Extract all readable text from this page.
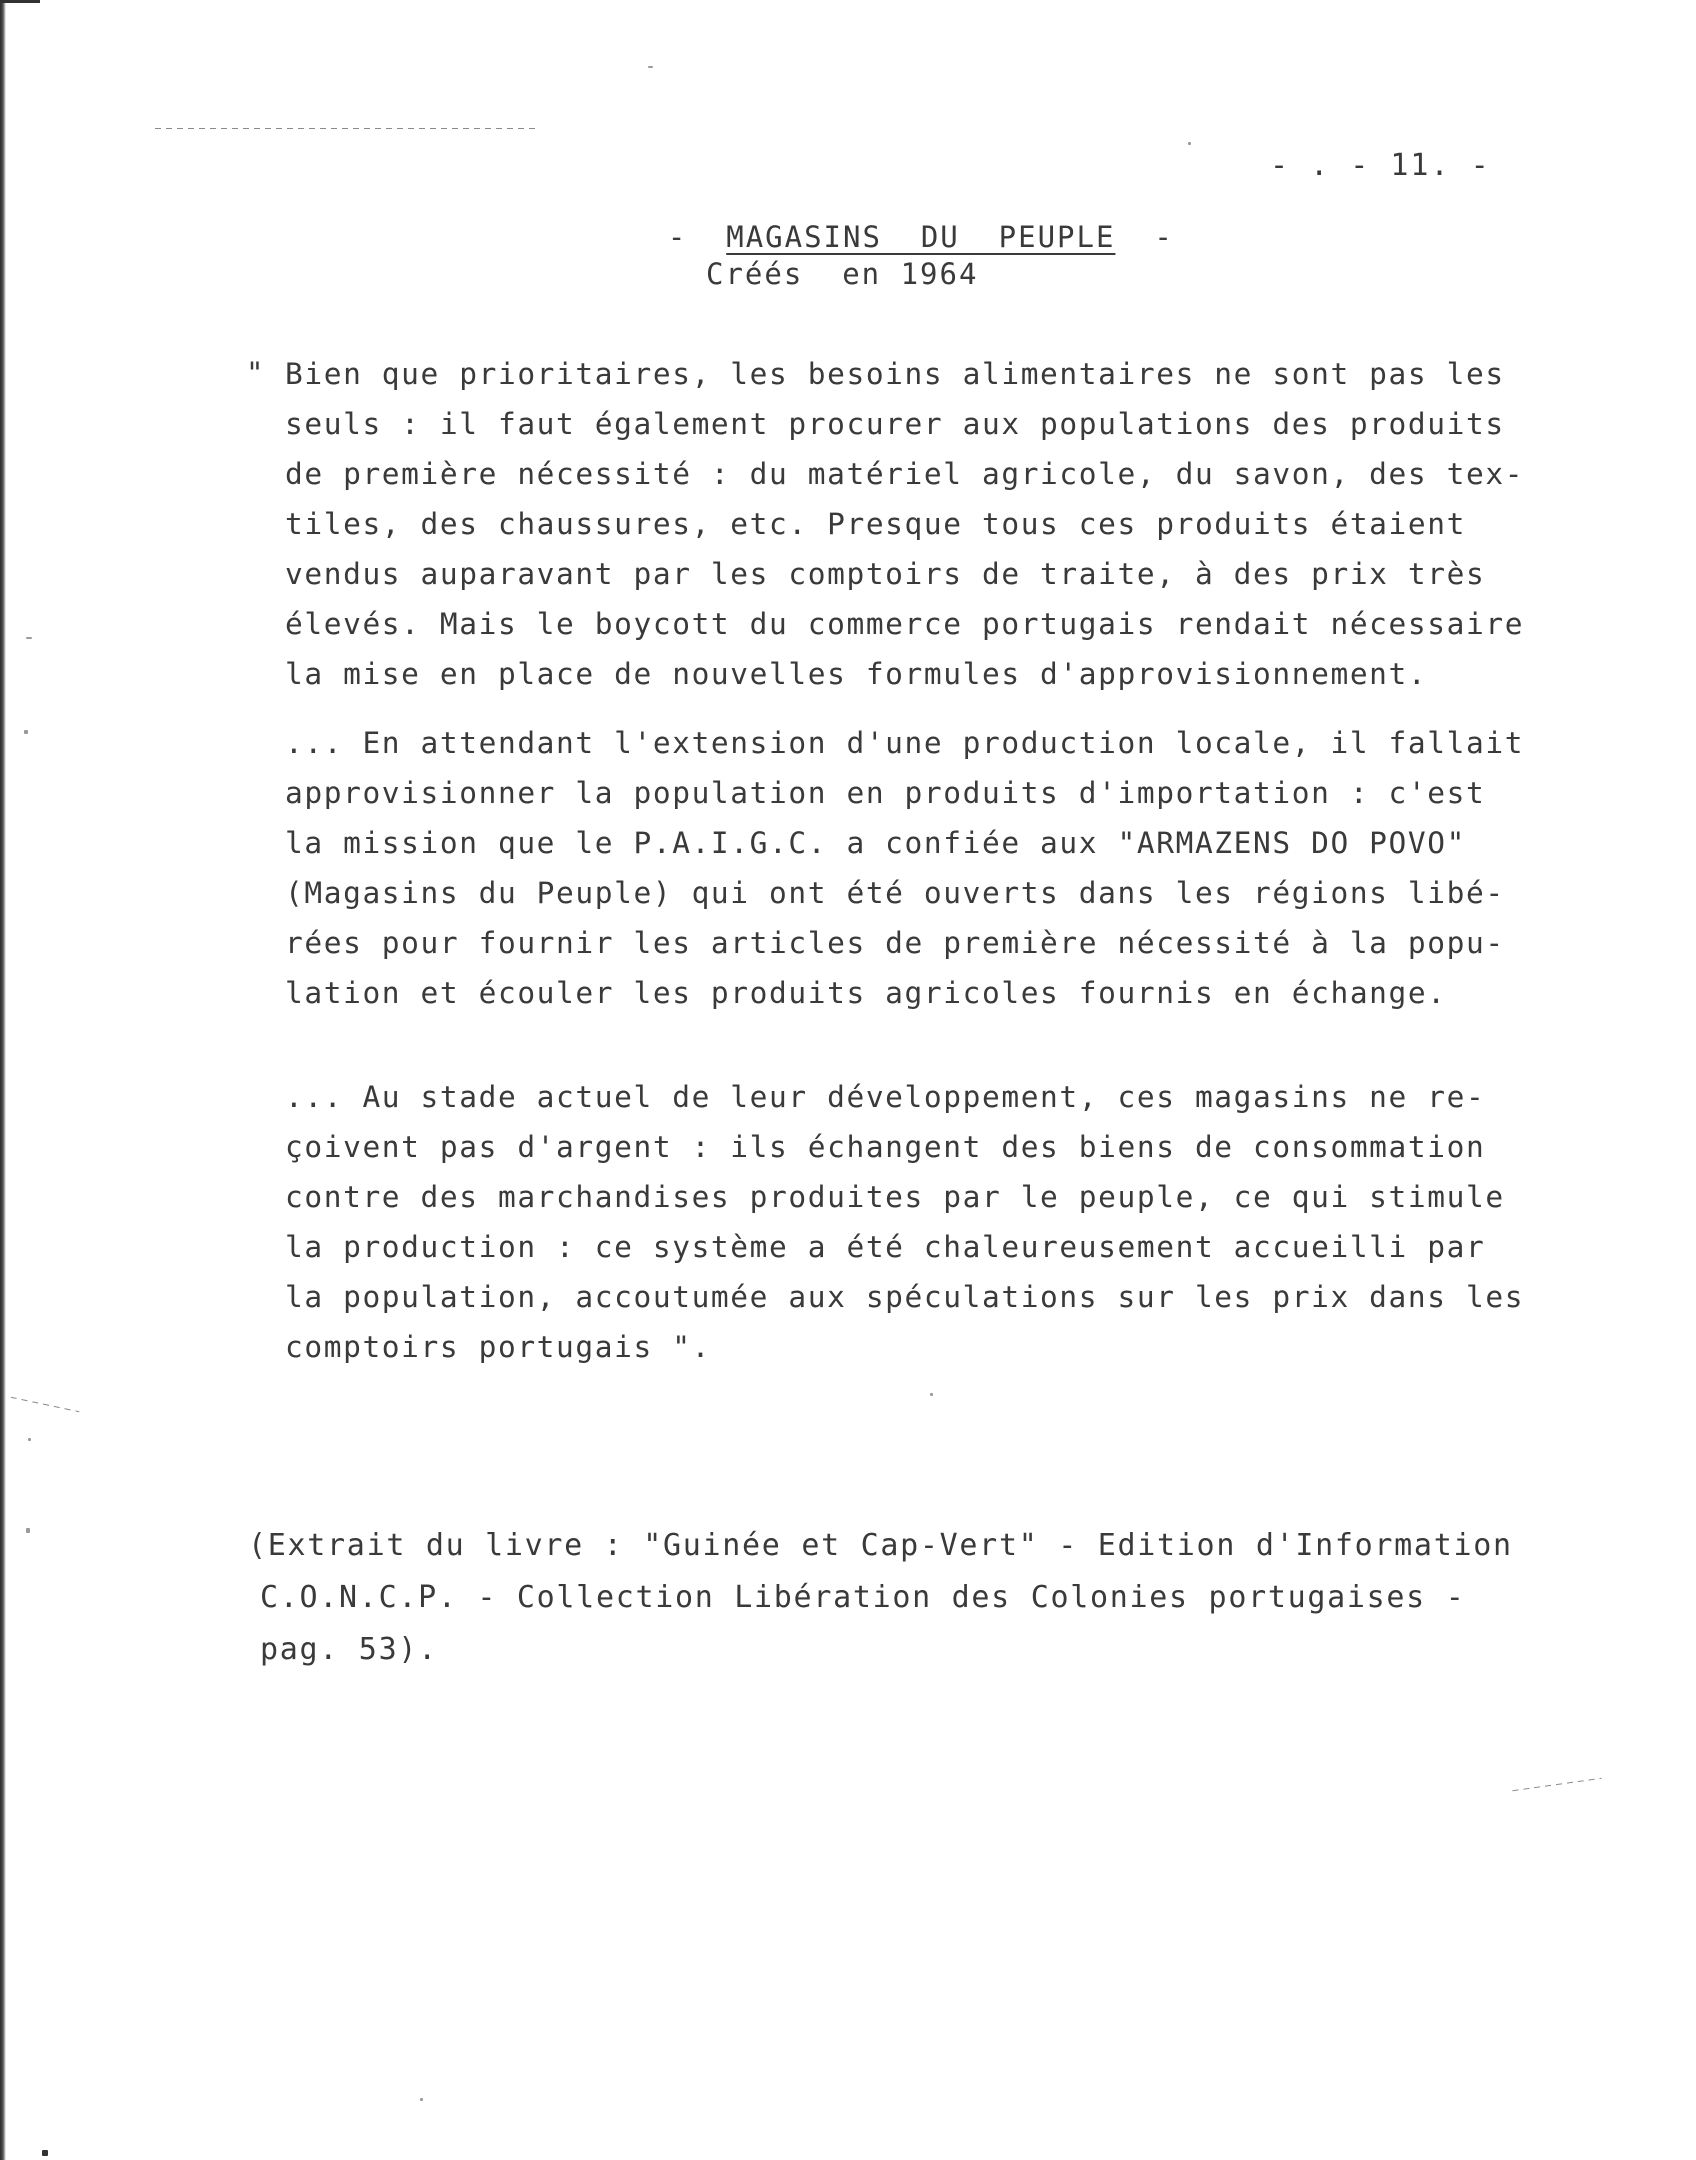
- . - 11. -

- MAGASINS  DU  PEUPLE -

Créés  en 1964
" Bien que prioritaires, les besoins alimentaires ne sont pas les
seuls : il faut également procurer aux populations des produits
de première nécessité : du matériel agricole, du savon, des tex-
tiles, des chaussures, etc. Presque tous ces produits étaient
vendus auparavant par les comptoirs de traite, à des prix très
élevés. Mais le boycott du commerce portugais rendait nécessaire
la mise en place de nouvelles formules d'approvisionnement.
... En attendant l'extension d'une production locale, il fallait
approvisionner la population en produits d'importation : c'est
la mission que le P.A.I.G.C. a confiée aux "ARMAZENS DO POVO"
(Magasins du Peuple) qui ont été ouverts dans les régions libé-
rées pour fournir les articles de première nécessité à la popu-
lation et écouler les produits agricoles fournis en échange.
... Au stade actuel de leur développement, ces magasins ne re-
çoivent pas d'argent : ils échangent des biens de consommation
contre des marchandises produites par le peuple, ce qui stimule
la production : ce système a été chaleureusement accueilli par
la population, accoutumée aux spéculations sur les prix dans les
comptoirs portugais ".
(Extrait du livre : "Guinée et Cap-Vert" - Edition d'Information
C.O.N.C.P. - Collection Libération des Colonies portugaises -
pag. 53).
